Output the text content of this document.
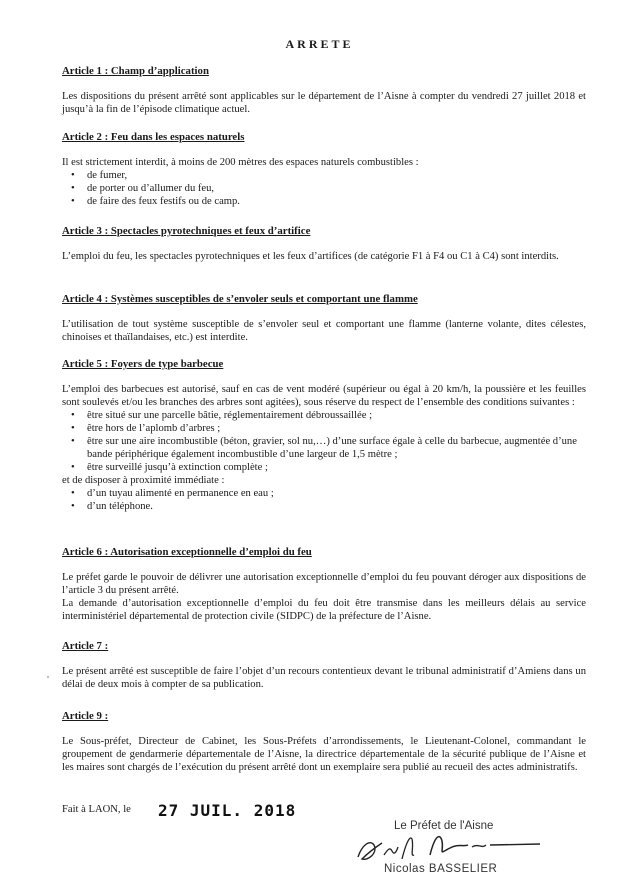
ARRETE
Article 1 : Champ d’application
Les dispositions du présent arrêté sont applicables sur le département de l’Aisne à compter du vendredi 27 juillet 2018 et jusqu’à la fin de l’épisode climatique actuel.
Article 2 : Feu dans les espaces naturels
Il est strictement interdit, à moins de 200 mètres des espaces naturels combustibles :
• de fumer,
• de porter ou d’allumer du feu,
• de faire des feux festifs ou de camp.
Article 3 : Spectacles pyrotechniques et feux d’artifice
L’emploi du feu, les spectacles pyrotechniques et les feux d’artifices (de catégorie F1 à F4 ou C1 à C4) sont interdits.
Article 4 : Systèmes susceptibles de s’envoler seuls et comportant une flamme
L’utilisation de tout système susceptible de s’envoler seul et comportant une flamme (lanterne volante, dites célestes, chinoises et thaïlandaises, etc.) est interdite.
Article 5 : Foyers de type barbecue
L’emploi des barbecues est autorisé, sauf en cas de vent modéré (supérieur ou égal à 20 km/h, la poussière et les feuilles sont soulevés et/ou les branches des arbres sont agitées), sous réserve du respect de l’ensemble des conditions suivantes :
• être situé sur une parcelle bâtie, réglementairement débroussaillée ;
• être hors de l’aplomb d’arbres ;
• être sur une aire incombustible (béton, gravier, sol nu,…) d’une surface égale à celle du barbecue, augmentée d’une bande périphérique également incombustible d’une largeur de 1,5 mètre ;
• être surveillé jusqu’à extinction complète ;
et de disposer à proximité immédiate :
• d’un tuyau alimenté en permanence en eau ;
• d’un téléphone.
Article 6 : Autorisation exceptionnelle d’emploi du feu
Le préfet garde le pouvoir de délivrer une autorisation exceptionnelle d’emploi du feu pouvant déroger aux dispositions de l’article 3 du présent arrêté.
La demande d’autorisation exceptionnelle d’emploi du feu doit être transmise dans les meilleurs délais au service interministériel départemental de protection civile (SIDPC) de la préfecture de l’Aisne.
Article 7 :
Le présent arrêté est susceptible de faire l’objet d’un recours contentieux devant le tribunal administratif d’Amiens dans un délai de deux mois à compter de sa publication.
Article 9 :
Le Sous-préfet, Directeur de Cabinet, les Sous-Préfets d’arrondissements, le Lieutenant-Colonel, commandant le groupement de gendarmerie départementale de l’Aisne, la directrice départementale de la sécurité publique de l’Aisne et les maires sont chargés de l’exécution du présent arrêté dont un exemplaire sera publié au recueil des actes administratifs.
Fait à LAON, le 27 JUIL. 2018
Le Préfet de l'Aisne
Nicolas BASSELIER
